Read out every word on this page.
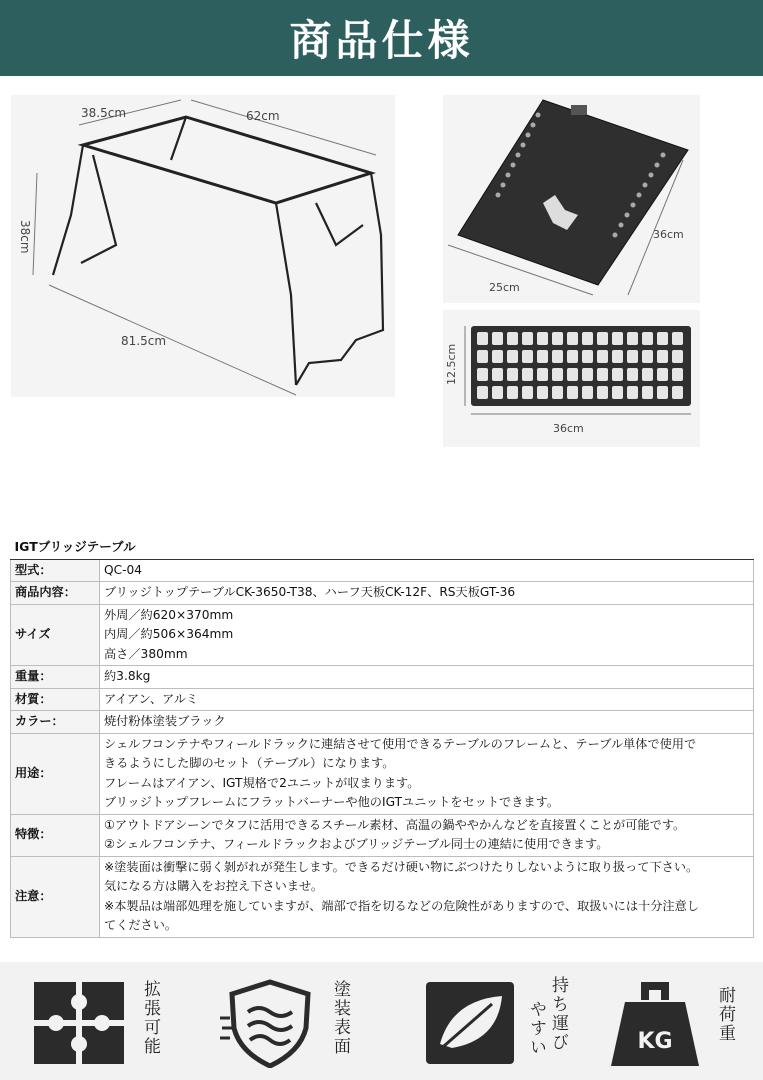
商品仕様
38.5cm	62cm
38cm
81.5cm
36cm
25cm
12.5cm
36cm
IGTブリッジテーブル	
型式：	QC-04

商品内容：	ブリッジトップテーブルCK-3650-T38、ハーフ天板CK-12F、RS天板GT-36

サイズ	外周／約620×370mm
内周／約506×364mm
高さ／380mm

重量：	約3.8kg

材質：	アイアン、アルミ

カラー：	焼付粉体塗装ブラック

用途：	シェルフコンテナやフィールドラックに連結させて使用できるテーブルのフレームと、テーブル単体で使用で
きるようにした脚のセット（テーブル）になります。
フレームはアイアン、IGT規格で2ユニットが収まります。
ブリッジトップフレームにフラットバーナーや他のIGTユニットをセットできます。

特徴：	①アウトドアシーンでタフに活用できるスチール素材、高温の鍋ややかんなどを直接置くことが可能です。
②シェルフコンテナ、フィールドラックおよびブリッジテーブル同士の連結に使用できます。

注意：	※塗装面は衝撃に弱く剝がれが発生します。できるだけ硬い物にぶつけたりしないように取り扱って下さい。
気になる方は購入をお控え下さいませ。
※本製品は端部処理を施していますが、端部で指を切るなどの危険性がありますので、取扱いには十分注意し
てください。
拡張可能	塗装表面	持ち運び
やすい	KG 耐荷重
